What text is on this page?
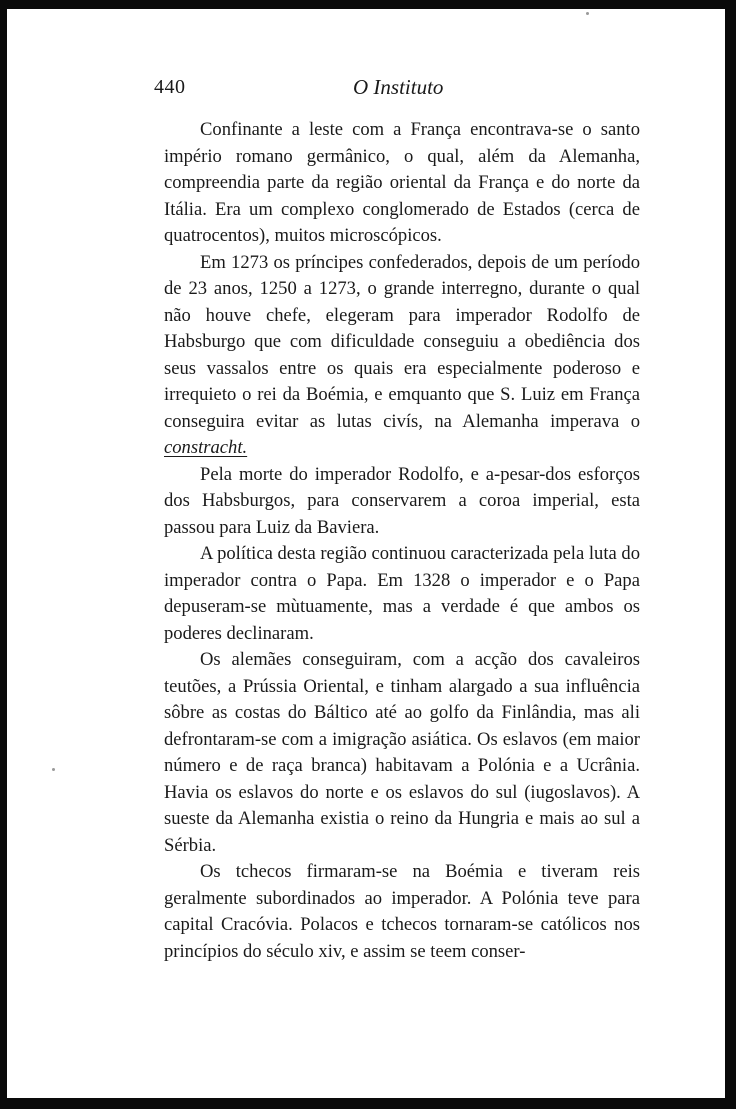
440	O Instituto

Confinante a leste com a França encontrava-se o santo império romano germânico, o qual, além da Alemanha, compreendia parte da região oriental da França e do norte da Itália. Era um complexo conglomerado de Estados (cerca de quatrocentos), muitos microscópicos.

Em 1273 os príncipes confederados, depois de um período de 23 anos, 1250 a 1273, o grande interregno, durante o qual não houve chefe, elegeram para imperador Rodolfo de Habsburgo que com dificuldade conseguiu a obediência dos seus vassalos entre os quais era especialmente poderoso e irrequieto o rei da Boémia, e emquanto que S. Luiz em França conseguira evitar as lutas civís, na Alemanha imperava o constracht.

Pela morte do imperador Rodolfo, e a-pesar-dos esforços dos Habsburgos, para conservarem a coroa imperial, esta passou para Luiz da Baviera.

A política desta região continuou caracterizada pela luta do imperador contra o Papa. Em 1328 o imperador e o Papa depuseram-se mùtuamente, mas a verdade é que ambos os poderes declinaram.

Os alemães conseguiram, com a acção dos cavaleiros teutões, a Prússia Oriental, e tinham alargado a sua influência sôbre as costas do Báltico até ao golfo da Finlândia, mas ali defrontaram-se com a imigração asiática. Os eslavos (em maior número e de raça branca) habitavam a Polónia e a Ucrânia. Havia os eslavos do norte e os eslavos do sul (iugoslavos). A sueste da Alemanha existia o reino da Hungria e mais ao sul a Sérbia.

Os tchecos firmaram-se na Boémia e tiveram reis geralmente subordinados ao imperador. A Polónia teve para capital Cracóvia. Polacos e tchecos tornaram-se católicos nos princípios do século xiv, e assim se teem conser-
